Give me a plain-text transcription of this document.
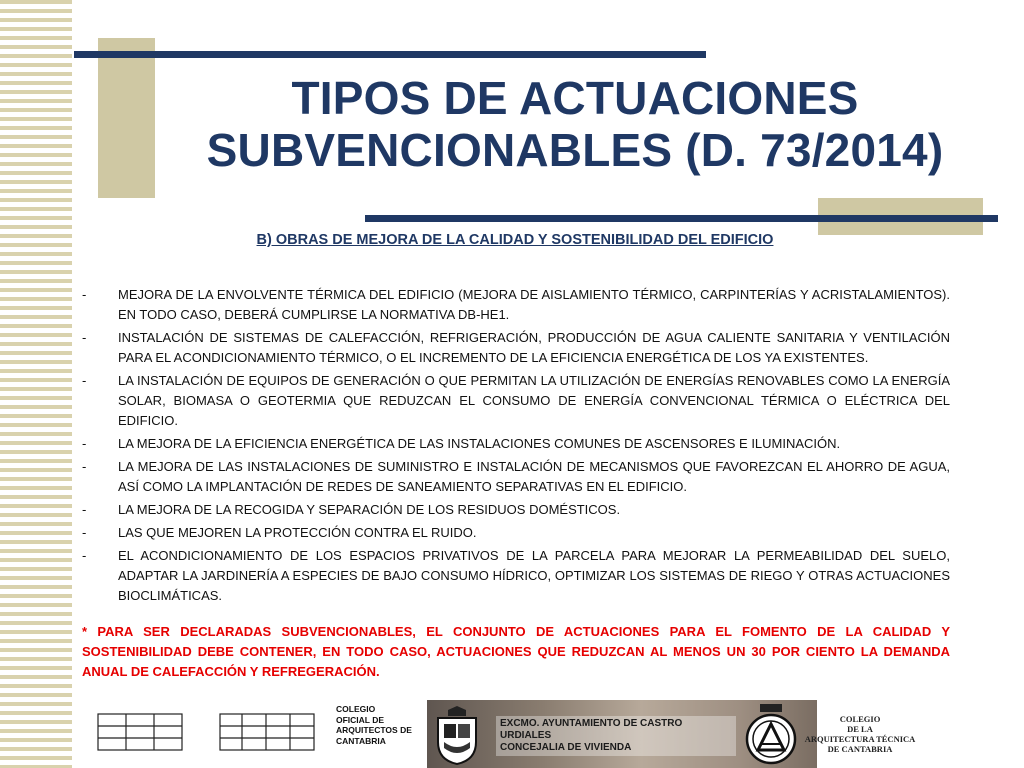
TIPOS DE ACTUACIONES
SUBVENCIONABLES (D. 73/2014)
B) OBRAS DE MEJORA DE LA CALIDAD Y SOSTENIBILIDAD DEL EDIFICIO
-	MEJORA DE LA ENVOLVENTE TÉRMICA DEL EDIFICIO (MEJORA DE AISLAMIENTO TÉRMICO, CARPINTERÍAS Y ACRISTALAMIENTOS). EN TODO CASO, DEBERÁ CUMPLIRSE LA NORMATIVA DB-HE1.
-	INSTALACIÓN DE SISTEMAS DE CALEFACCIÓN, REFRIGERACIÓN, PRODUCCIÓN DE AGUA CALIENTE SANITARIA Y VENTILACIÓN PARA EL ACONDICIONAMIENTO TÉRMICO, O EL INCREMENTO DE LA EFICIENCIA ENERGÉTICA DE LOS YA EXISTENTES.
-	LA INSTALACIÓN DE EQUIPOS DE GENERACIÓN O QUE PERMITAN LA UTILIZACIÓN DE ENERGÍAS RENOVABLES COMO LA ENERGÍA SOLAR, BIOMASA O GEOTERMIA QUE REDUZCAN EL CONSUMO DE ENERGÍA CONVENCIONAL TÉRMICA O ELÉCTRICA DEL EDIFICIO.
-	LA MEJORA DE LA EFICIENCIA ENERGÉTICA DE LAS INSTALACIONES COMUNES DE ASCENSORES E ILUMINACIÓN.
-	LA MEJORA DE LAS INSTALACIONES DE SUMINISTRO E INSTALACIÓN DE MECANISMOS QUE FAVOREZCAN EL AHORRO DE AGUA, ASÍ COMO LA IMPLANTACIÓN DE REDES DE SANEAMIENTO SEPARATIVAS EN EL EDIFICIO.
-	LA MEJORA DE LA RECOGIDA Y SEPARACIÓN DE LOS RESIDUOS DOMÉSTICOS.
-	LAS QUE MEJOREN LA PROTECCIÓN CONTRA EL RUIDO.
-	EL ACONDICIONAMIENTO DE LOS ESPACIOS PRIVATIVOS DE LA PARCELA PARA MEJORAR LA PERMEABILIDAD DEL SUELO, ADAPTAR LA JARDINERÍA A ESPECIES DE BAJO CONSUMO HÍDRICO, OPTIMIZAR LOS SISTEMAS DE RIEGO Y OTRAS ACTUACIONES BIOCLIMÁTICAS.
* PARA SER DECLARADAS SUBVENCIONABLES, EL CONJUNTO DE ACTUACIONES PARA EL FOMENTO DE LA CALIDAD Y SOSTENIBILIDAD DEBE CONTENER, EN TODO CASO, ACTUACIONES QUE REDUZCAN AL MENOS UN 30 POR CIENTO LA DEMANDA ANUAL DE CALEFACCIÓN Y REFREGERACIÓN.
COLEGIO
OFICIAL DE
ARQUITECTOS DE
CANTABRIA
EXCMO. AYUNTAMIENTO DE CASTRO URDIALES
CONCEJALIA DE VIVIENDA
COLEGIO
DE LA
ARQUITECTURA TÉCNICA
DE CANTABRIA
